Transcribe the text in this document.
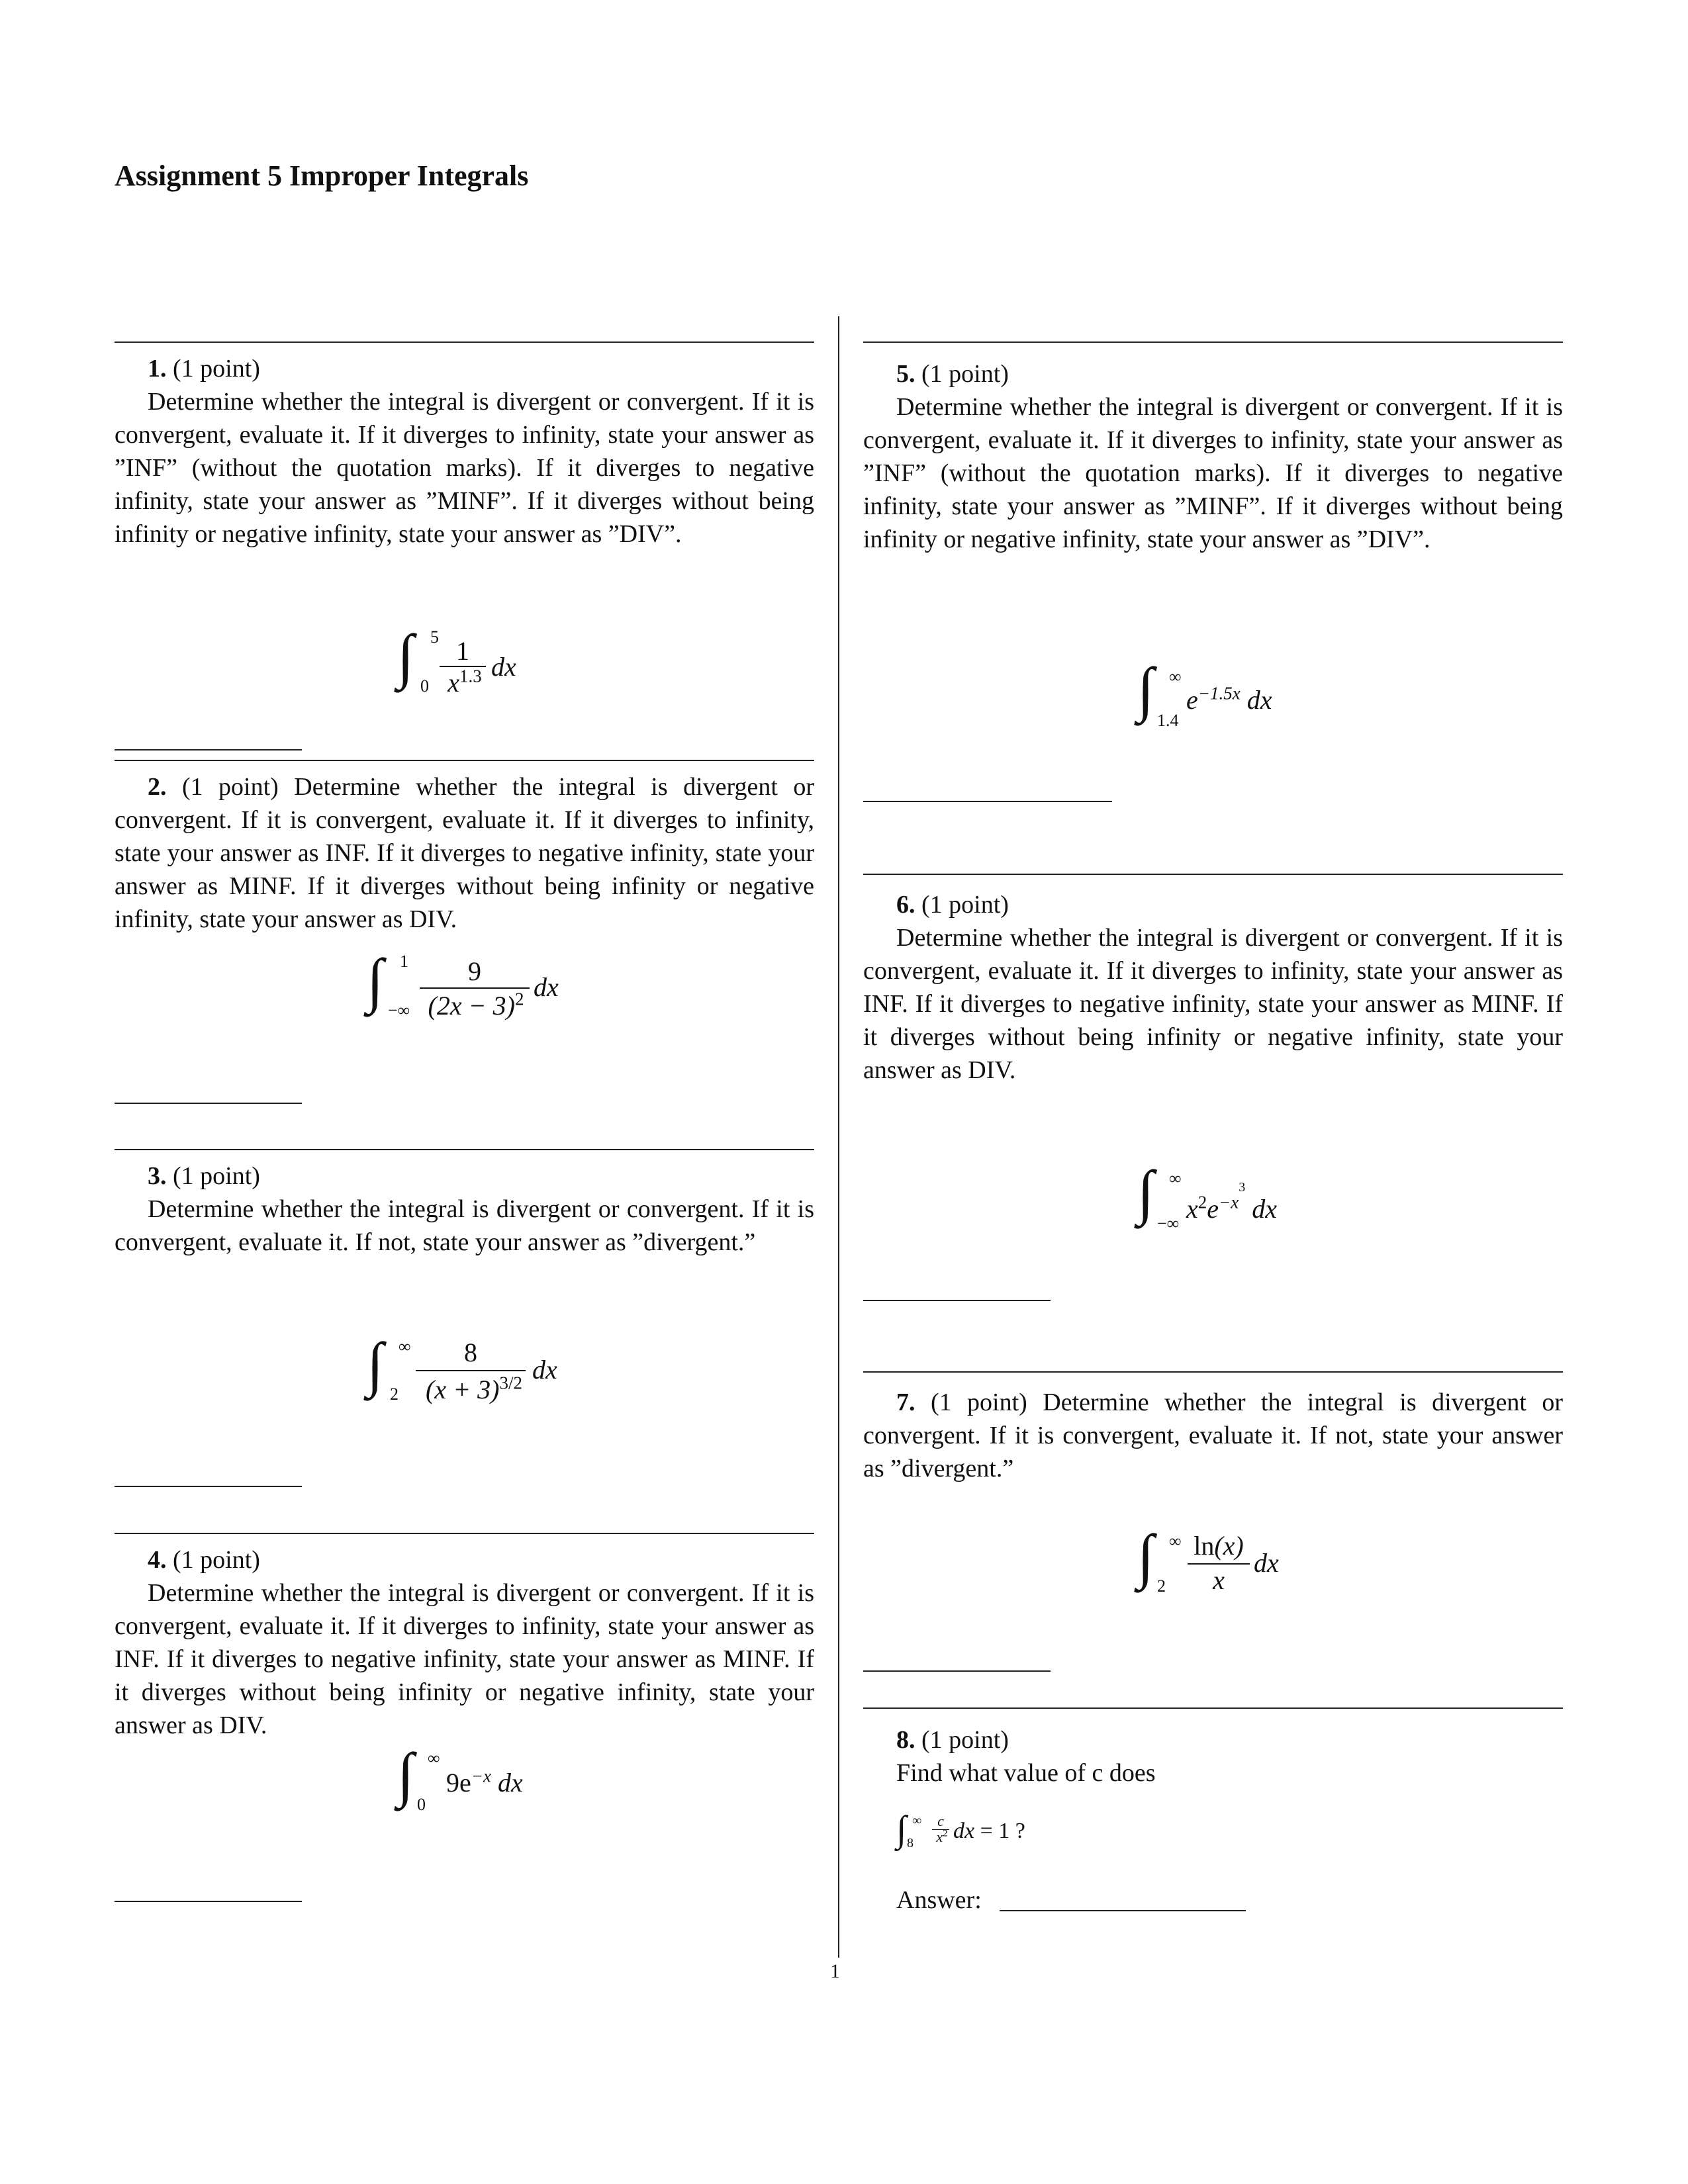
Assignment 5 Improper Integrals
1. (1 point)
Determine whether the integral is divergent or convergent. If it is convergent, evaluate it. If it diverges to infinity, state your answer as ”INF” (without the quotation marks). If it diverges to negative infinity, state your answer as ”MINF”. If it diverges without being infinity or negative infinity, state your answer as ”DIV”.
∫ 5
0
1
$x^{1.3}$ dx
2. (1 point) Determine whether the integral is divergent or convergent. If it is convergent, evaluate it. If it diverges to infinity, state your answer as INF. If it diverges to negative infinity, state your answer as MINF. If it diverges without being infinity or negative infinity, state your answer as DIV.
∫ 1
−∞
9
$(2x - 3)^2$ dx
3. (1 point)
Determine whether the integral is divergent or convergent. If it is convergent, evaluate it. If not, state your answer as ”divergent.”
∫ ∞
2
8
$(x + 3)^{3/2}$ dx
4. (1 point)
Determine whether the integral is divergent or convergent. If it is convergent, evaluate it. If it diverges to infinity, state your answer as INF. If it diverges to negative infinity, state your answer as MINF. If it diverges without being infinity or negative infinity, state your answer as DIV.
∫ ∞
0
$9e^{-x}$ dx
5. (1 point)
Determine whether the integral is divergent or convergent. If it is convergent, evaluate it. If it diverges to infinity, state your answer as ”INF” (without the quotation marks). If it diverges to negative infinity, state your answer as ”MINF”. If it diverges without being infinity or negative infinity, state your answer as ”DIV”.
∫ ∞
1.4
$e^{-1.5x}$ dx
6. (1 point)
Determine whether the integral is divergent or convergent. If it is convergent, evaluate it. If it diverges to infinity, state your answer as INF. If it diverges to negative infinity, state your answer as MINF. If it diverges without being infinity or negative infinity, state your answer as DIV.
∫ ∞
−∞ $x^2e^{-x3}$ dx
7. (1 point) Determine whether the integral is divergent or convergent. If it is convergent, evaluate it. If not, state your answer as ”divergent.”
∫ ∞
2
ln(x)
x
dx
8. (1 point)
Find what value of c does
∫ ∞
8
c
$x^2$ dx = 1 ?
Answer:
1
